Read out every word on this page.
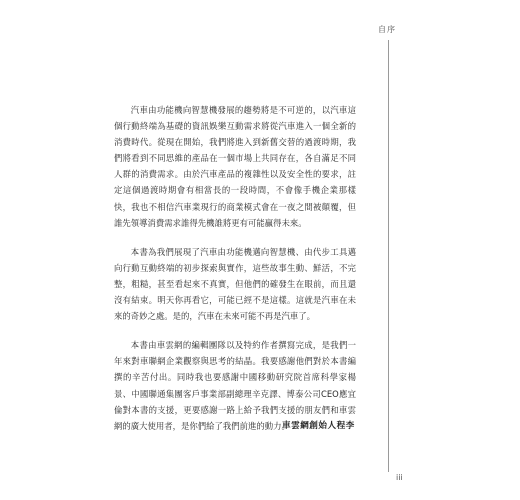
自序

汽車由功能機向智慧機發展的趨勢將是不可逆的，以汽車這個行動終端為基礎的資訊娛樂互動需求將從汽車進入一個全新的消費時代。從現在開始，我們將進入到新舊交替的過渡時期，我們將看到不同思維的產品在一個市場上共同存在，各自滿足不同人群的消費需求。由於汽車產品的複雜性以及安全性的要求，註定這個過渡時期會有相當長的一段時間，不會像手機企業那樣快，我也不相信汽車業現行的商業模式會在一夜之間被顛覆，但誰先領導消費需求誰得先機誰將更有可能贏得未來。

本書為我們展現了汽車由功能機邁向智慧機、由代步工具邁向行動互動終端的初步探索與實作，這些故事生動、鮮活，不完整，粗糙，甚至看起來不真實，但他們的確發生在眼前，而且還沒有結束。明天你再看它，可能已經不是這樣。這就是汽車在未來的奇妙之處。是的，汽車在未來可能不再是汽車了。

本書由車雲網的編輯團隊以及特約作者撰寫完成，是我們一年來對車聯網企業觀察與思考的結晶。我要感謝他們對於本書編撰的辛苦付出。同時我也要感謝中國移動研究院首席科學家楊景、中國聯通集團客戶事業部副總理辛克譯、博泰公司CEO應宜倫對本書的支援，更要感謝一路上給予我們支援的朋友們和車雲網的廣大使用者，是你們給了我們前進的動力。

車雲網創始人程李
iii
